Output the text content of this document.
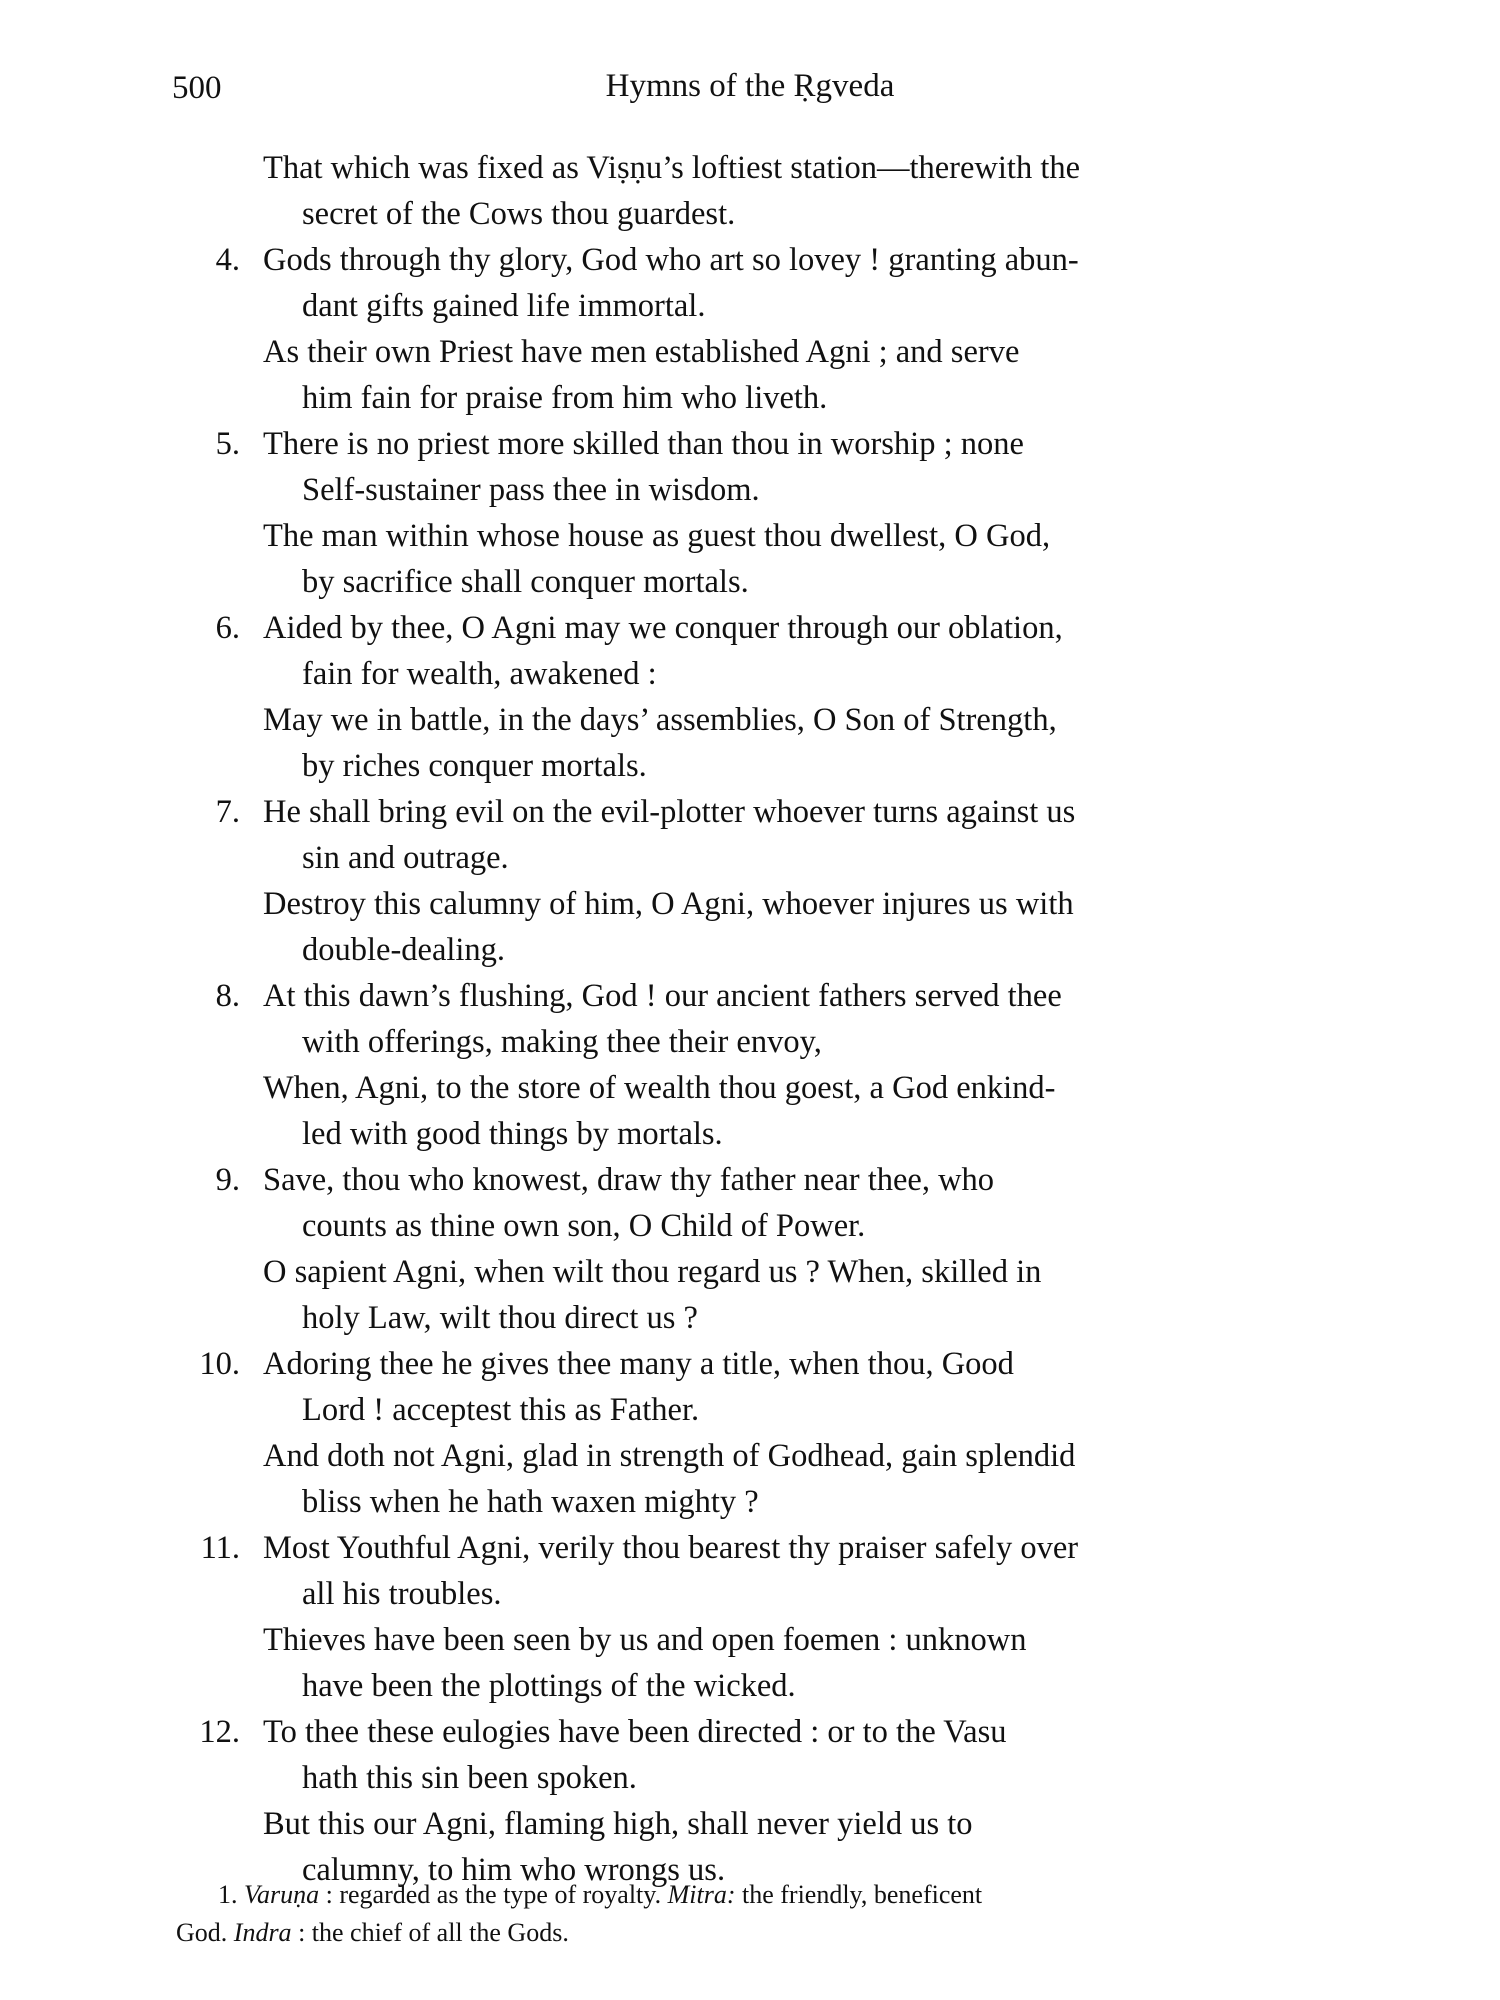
500	Hymns of the Ṛgveda
That which was fixed as Viṣṇu’s loftiest station—therewith the
secret of the Cows thou guardest.
4. Gods through thy glory, God who art so lovey ! granting abun-
dant gifts gained life immortal.
As their own Priest have men established Agni ; and serve
him fain for praise from him who liveth.
5. There is no priest more skilled than thou in worship ; none
Self-sustainer pass thee in wisdom.
The man within whose house as guest thou dwellest, O God,
by sacrifice shall conquer mortals.
6. Aided by thee, O Agni may we conquer through our oblation,
fain for wealth, awakened :
May we in battle, in the days’ assemblies, O Son of Strength,
by riches conquer mortals.
7. He shall bring evil on the evil-plotter whoever turns against us
sin and outrage.
Destroy this calumny of him, O Agni, whoever injures us with
double-dealing.
8. At this dawn’s flushing, God ! our ancient fathers served thee
with offerings, making thee their envoy,
When, Agni, to the store of wealth thou goest, a God enkind-
led with good things by mortals.
9. Save, thou who knowest, draw thy father near thee, who
counts as thine own son, O Child of Power.
O sapient Agni, when wilt thou regard us ? When, skilled in
holy Law, wilt thou direct us ?
10. Adoring thee he gives thee many a title, when thou, Good
Lord ! acceptest this as Father.
And doth not Agni, glad in strength of Godhead, gain splendid
bliss when he hath waxen mighty ?
11. Most Youthful Agni, verily thou bearest thy praiser safely over
all his troubles.
Thieves have been seen by us and open foemen : unknown
have been the plottings of the wicked.
12. To thee these eulogies have been directed : or to the Vasu
hath this sin been spoken.
But this our Agni, flaming high, shall never yield us to
calumny, to him who wrongs us.
1. Varuṇa : regarded as the type of royalty. Mitra: the friendly, beneficent
God. Indra : the chief of all the Gods.
